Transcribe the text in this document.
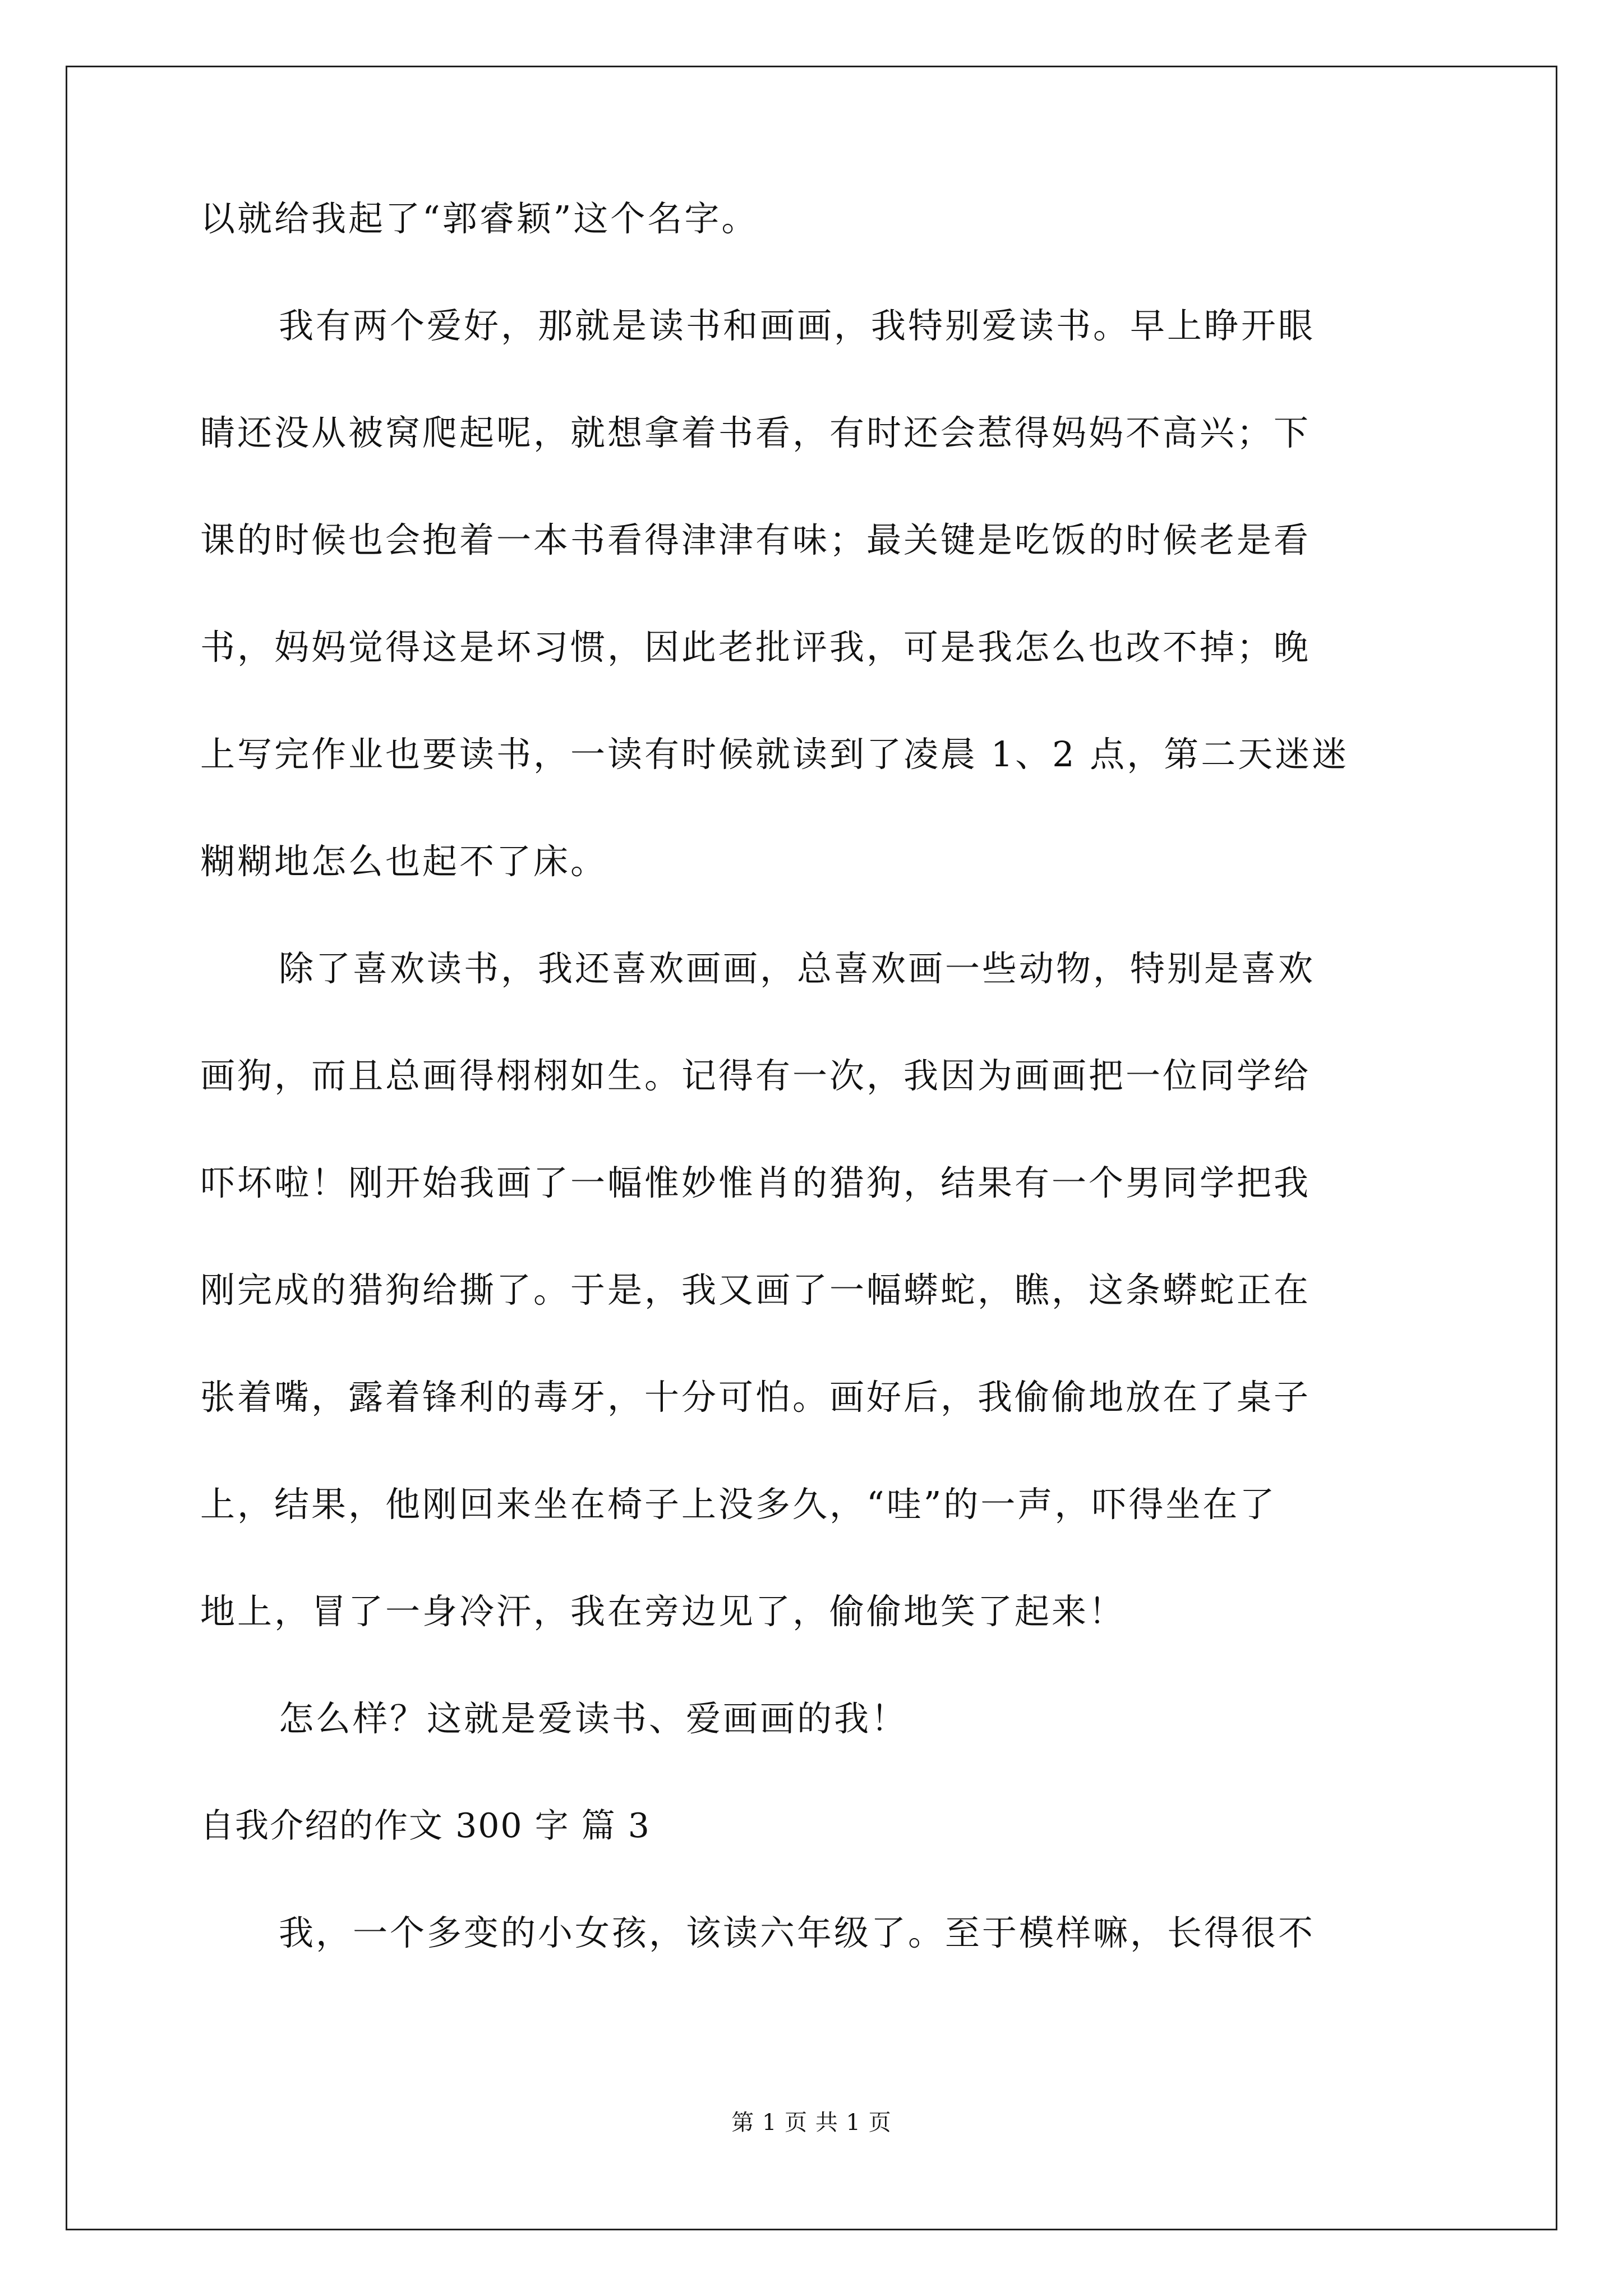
以就给我起了“郭睿颖”这个名字。
我有两个爱好，那就是读书和画画，我特别爱读书。早上睁开眼
睛还没从被窝爬起呢，就想拿着书看，有时还会惹得妈妈不高兴；下
课的时候也会抱着一本书看得津津有味；最关键是吃饭的时候老是看
书，妈妈觉得这是坏习惯，因此老批评我，可是我怎么也改不掉；晚
上写完作业也要读书，一读有时候就读到了凌晨 1、2 点，第二天迷迷
糊糊地怎么也起不了床。
除了喜欢读书，我还喜欢画画，总喜欢画一些动物，特别是喜欢
画狗，而且总画得栩栩如生。记得有一次，我因为画画把一位同学给
吓坏啦！刚开始我画了一幅惟妙惟肖的猎狗，结果有一个男同学把我
刚完成的猎狗给撕了。于是，我又画了一幅蟒蛇，瞧，这条蟒蛇正在
张着嘴，露着锋利的毒牙，十分可怕。画好后，我偷偷地放在了桌子
上，结果，他刚回来坐在椅子上没多久，“哇”的一声，吓得坐在了
地上，冒了一身冷汗，我在旁边见了，偷偷地笑了起来！
怎么样？这就是爱读书、爱画画的我！
自我介绍的作文 300 字 篇 3
我，一个多变的小女孩，该读六年级了。至于模样嘛，长得很不
第 1 页 共 1 页
